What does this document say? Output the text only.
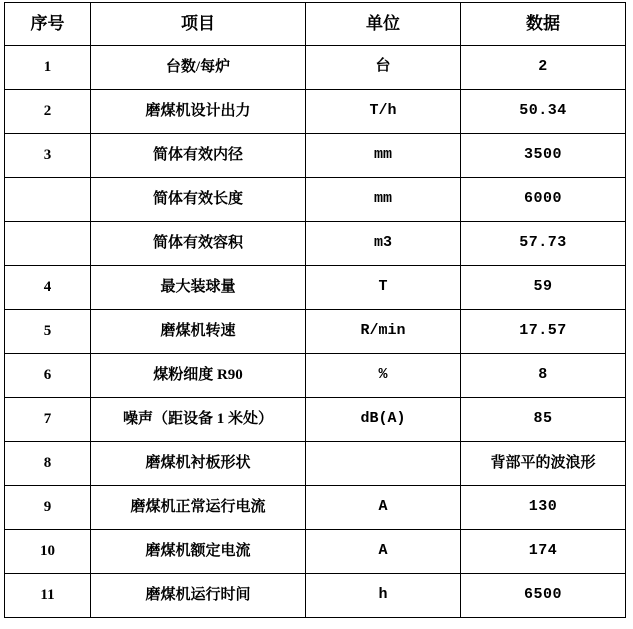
序号	项目	单位	数据
1	台数/每炉	台	2
2	磨煤机设计出力	T/h	50.34
3	简体有效内径	mm	3500
	简体有效长度	mm	6000
	简体有效容积	m3	57.73
4	最大装球量	T	59
5	磨煤机转速	R/min	17.57
6	煤粉细度 R90	%	8
7	噪声（距设备 1 米处）	dB(A)	85
8	磨煤机衬板形状		背部平的波浪形
9	磨煤机正常运行电流	A	130
10	磨煤机额定电流	A	174
11	磨煤机运行时间	h	6500
